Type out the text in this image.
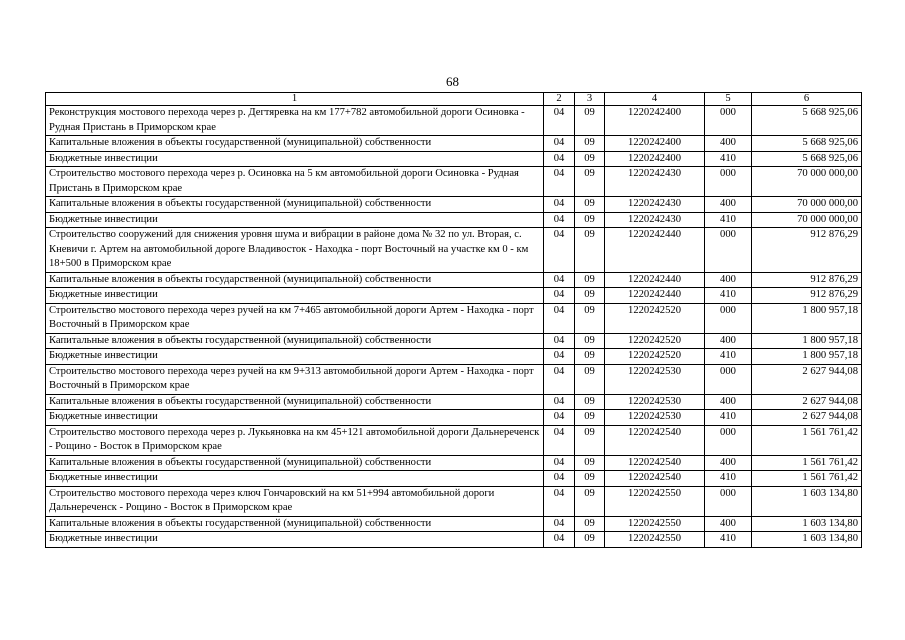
68
1	2	3	4	5	6
Реконструкция мостового перехода через р. Дегтяревка на км 177+782 автомобильной дороги Осиновка - Рудная Пристань в Приморском крае	04	09	1220242400	000	5 668 925,06
Капитальные вложения в объекты государственной (муниципальной) собственности	04	09	1220242400	400	5 668 925,06
Бюджетные инвестиции	04	09	1220242400	410	5 668 925,06
Строительство мостового перехода через р. Осиновка на 5 км автомобильной дороги Осиновка - Рудная Пристань в Приморском крае	04	09	1220242430	000	70 000 000,00
Капитальные вложения в объекты государственной (муниципальной) собственности	04	09	1220242430	400	70 000 000,00
Бюджетные инвестиции	04	09	1220242430	410	70 000 000,00
Строительство сооружений для снижения уровня шума и вибрации в районе дома № 32 по ул. Вторая, с. Кневичи г. Артем на автомобильной дороге Владивосток - Находка - порт Восточный на участке км 0 - км 18+500 в Приморском крае	04	09	1220242440	000	912 876,29
Капитальные вложения в объекты государственной (муниципальной) собственности	04	09	1220242440	400	912 876,29
Бюджетные инвестиции	04	09	1220242440	410	912 876,29
Строительство мостового перехода через ручей на км 7+465 автомобильной дороги Артем - Находка - порт Восточный в Приморском крае	04	09	1220242520	000	1 800 957,18
Капитальные вложения в объекты государственной (муниципальной) собственности	04	09	1220242520	400	1 800 957,18
Бюджетные инвестиции	04	09	1220242520	410	1 800 957,18
Строительство мостового перехода через ручей на км 9+313 автомобильной дороги Артем - Находка - порт Восточный в Приморском крае	04	09	1220242530	000	2 627 944,08
Капитальные вложения в объекты государственной (муниципальной) собственности	04	09	1220242530	400	2 627 944,08
Бюджетные инвестиции	04	09	1220242530	410	2 627 944,08
Строительство мостового перехода через р. Лукьяновка на км 45+121 автомобильной дороги Дальнереченск - Рощино - Восток в Приморском крае	04	09	1220242540	000	1 561 761,42
Капитальные вложения в объекты государственной (муниципальной) собственности	04	09	1220242540	400	1 561 761,42
Бюджетные инвестиции	04	09	1220242540	410	1 561 761,42
Строительство мостового перехода через ключ Гончаровский на км 51+994 автомобильной дороги Дальнереченск - Рощино - Восток в Приморском крае	04	09	1220242550	000	1 603 134,80
Капитальные вложения в объекты государственной (муниципальной) собственности	04	09	1220242550	400	1 603 134,80
Бюджетные инвестиции	04	09	1220242550	410	1 603 134,80
